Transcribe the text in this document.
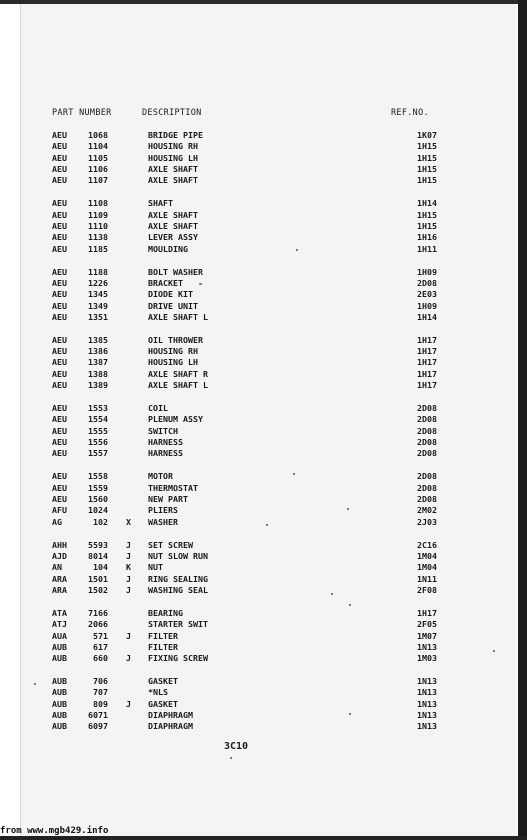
PART NUMBER	DESCRIPTION	REF.NO.
AEU	1068	BRIDGE PIPE	1K07
AEU	1104	HOUSING RH	1H15
AEU	1105	HOUSING LH	1H15
AEU	1106	AXLE SHAFT	1H15
AEU	1107	AXLE SHAFT	1H15
AEU	1108	SHAFT	1H14
AEU	1109	AXLE SHAFT	1H15
AEU	1110	AXLE SHAFT	1H15
AEU	1138	LEVER ASSY	1H16
AEU	1185	MOULDING	1H11
AEU	1188	BOLT WASHER	1H09
AEU	1226	BRACKET   -	2D08
AEU	1345	DIODE KIT	2E03
AEU	1349	DRIVE UNIT	1H09
AEU	1351	AXLE SHAFT L	1H14
AEU	1385	OIL THROWER	1H17
AEU	1386	HOUSING RH	1H17
AEU	1387	HOUSING LH	1H17
AEU	1388	AXLE SHAFT R	1H17
AEU	1389	AXLE SHAFT L	1H17
AEU	1553	COIL	2D08
AEU	1554	PLENUM ASSY	2D08
AEU	1555	SWITCH	2D08
AEU	1556	HARNESS	2D08
AEU	1557	HARNESS	2D08
AEU	1558	MOTOR	2D08
AEU	1559	THERMOSTAT	2D08
AEU	1560	NEW PART	2D08
AFU	1024	PLIERS	2M02
AG	102 X WASHER	2J03
AHH	5593 J SET SCREW	2C16
AJD	8014 J NUT SLOW RUN	1M04
AN	104 K NUT	1M04
ARA	1501 J RING SEALING	1N11
ARA	1502 J WASHING SEAL	2F08
ATA	7166	BEARING	1H17
ATJ	2066	STARTER SWIT	2F05
AUA	571 J FILTER	1M07
AUB	617	FILTER	1N13
AUB	660 J FIXING SCREW	1M03
AUB	706	GASKET	1N13
AUB	707	*NLS	1N13
AUB	809 J GASKET	1N13
AUB	6071	DIAPHRAGM	1N13
AUB	6097	DIAPHRAGM	1N13
3C10
from www.mgb429.info
